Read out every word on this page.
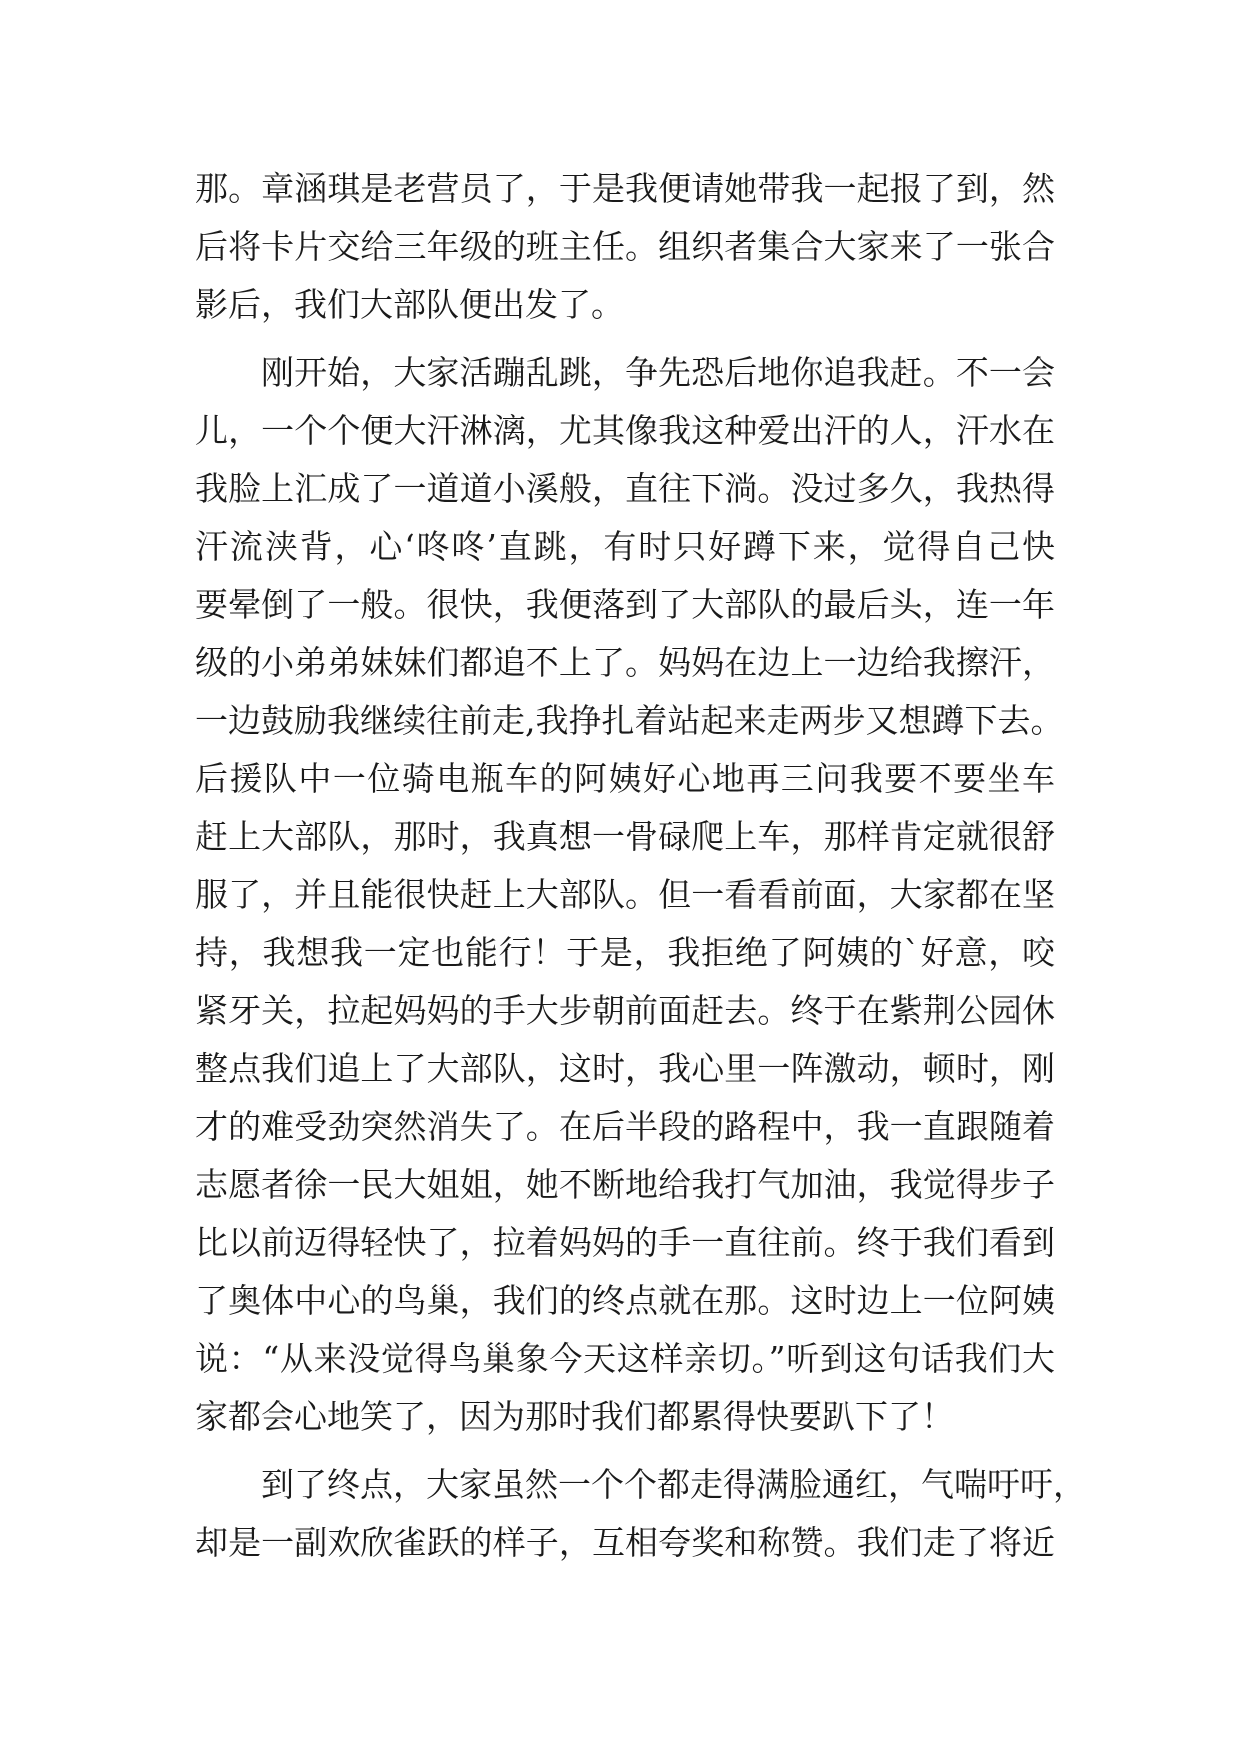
那。章涵琪是老营员了，于是我便请她带我一起报了到，然
后将卡片交给三年级的班主任。组织者集合大家来了一张合
影后，我们大部队便出发了。
刚开始，大家活蹦乱跳，争先恐后地你追我赶。不一会
儿，一个个便大汗淋漓，尤其像我这种爱出汗的人，汗水在
我脸上汇成了一道道小溪般，直往下淌。没过多久，我热得
汗流浃背，心‘咚咚’直跳，有时只好蹲下来，觉得自己快
要晕倒了一般。很快，我便落到了大部队的最后头，连一年
级的小弟弟妹妹们都追不上了。妈妈在边上一边给我擦汗，
一边鼓励我继续往前走,我挣扎着站起来走两步又想蹲下去。
后援队中一位骑电瓶车的阿姨好心地再三问我要不要坐车
赶上大部队，那时，我真想一骨碌爬上车，那样肯定就很舒
服了，并且能很快赶上大部队。但一看看前面，大家都在坚
持，我想我一定也能行！于是，我拒绝了阿姨的`好意，咬
紧牙关，拉起妈妈的手大步朝前面赶去。终于在紫荆公园休
整点我们追上了大部队，这时，我心里一阵激动，顿时，刚
才的难受劲突然消失了。在后半段的路程中，我一直跟随着
志愿者徐一民大姐姐，她不断地给我打气加油，我觉得步子
比以前迈得轻快了，拉着妈妈的手一直往前。终于我们看到
了奥体中心的鸟巢，我们的终点就在那。这时边上一位阿姨
说：“从来没觉得鸟巢象今天这样亲切。”听到这句话我们大
家都会心地笑了，因为那时我们都累得快要趴下了！
到了终点，大家虽然一个个都走得满脸通红，气喘吁吁，
却是一副欢欣雀跃的样子，互相夸奖和称赞。我们走了将近
